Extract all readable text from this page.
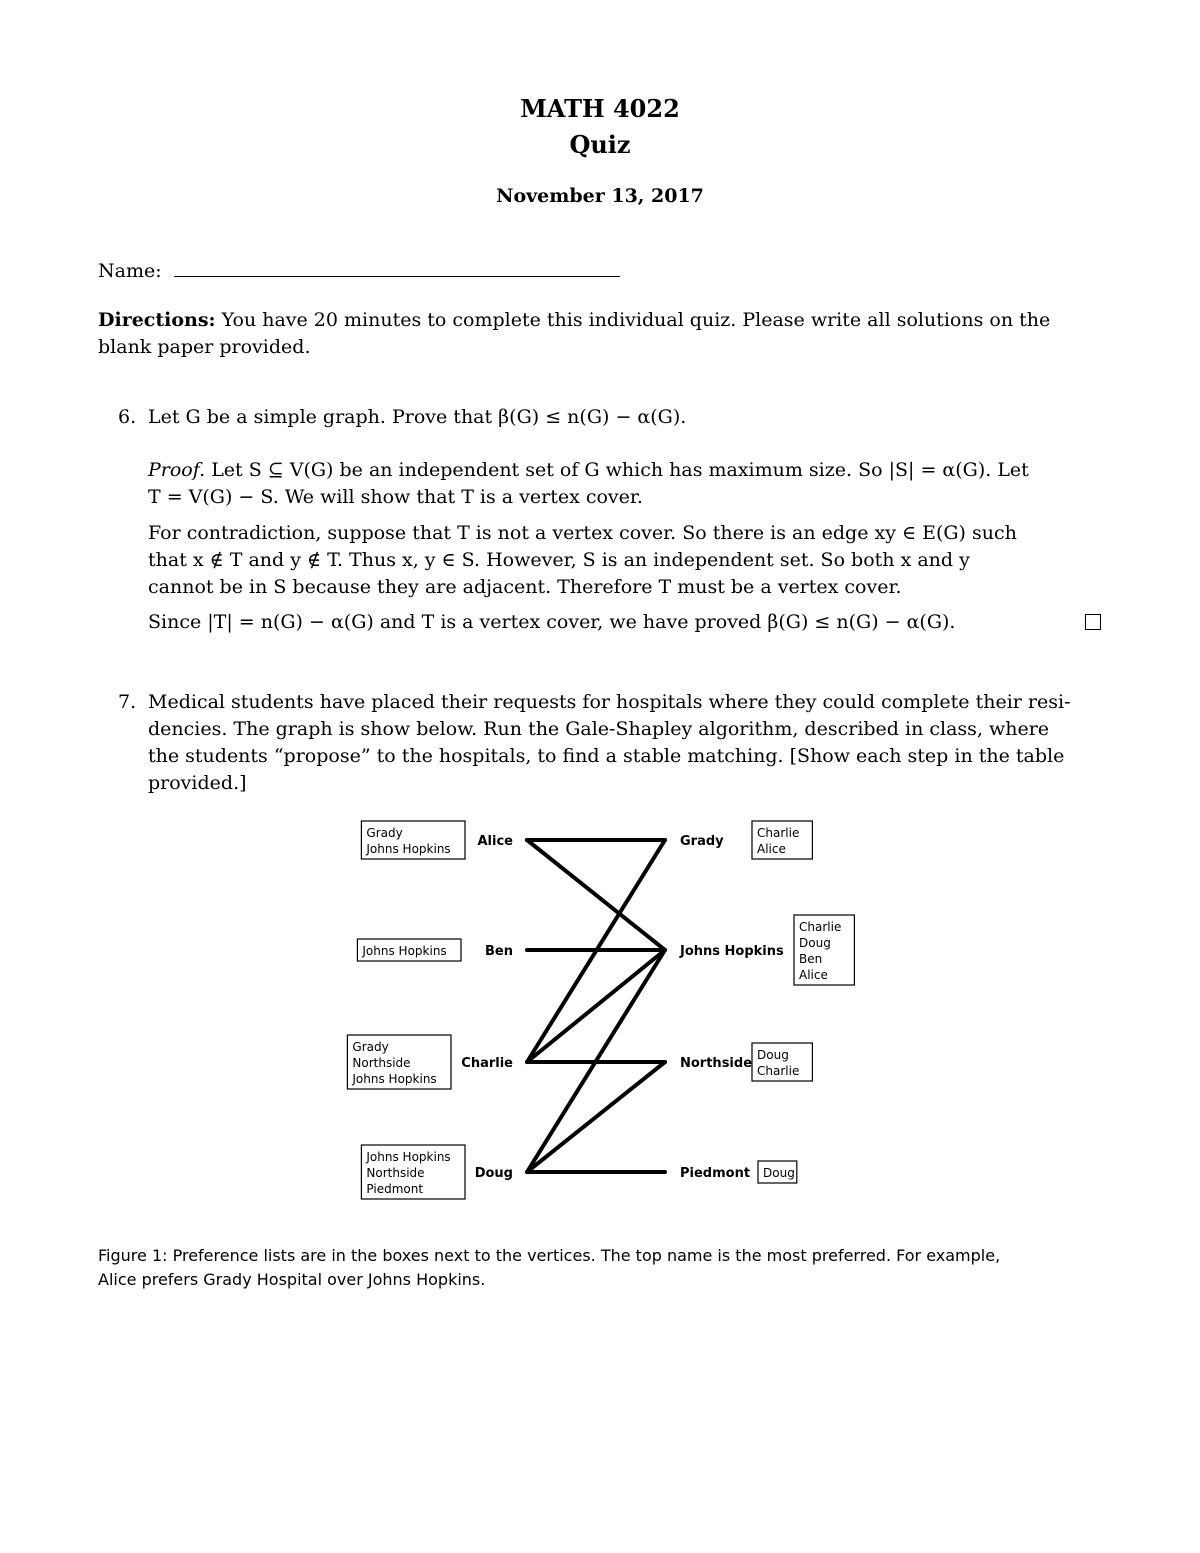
MATH 4022
Quiz
November 13, 2017
Name:
Directions: You have 20 minutes to complete this individual quiz. Please write all solutions on the
blank paper provided.
6. Let G be a simple graph. Prove that β(G) ≤ n(G) − α(G).
Proof. Let S ⊆ V(G) be an independent set of G which has maximum size. So |S| = α(G). Let
T = V(G) − S. We will show that T is a vertex cover.
For contradiction, suppose that T is not a vertex cover. So there is an edge xy ∈ E(G) such
that x ∉ T and y ∉ T. Thus x, y ∈ S. However, S is an independent set. So both x and y
cannot be in S because they are adjacent. Therefore T must be a vertex cover.
Since |T| = n(G) − α(G) and T is a vertex cover, we have proved β(G) ≤ n(G) − α(G).
7. Medical students have placed their requests for hospitals where they could complete their resi-
dencies. The graph is show below. Run the Gale-Shapley algorithm, described in class, where
the students “propose” to the hospitals, to find a stable matching. [Show each step in the table
provided.]
Alice
Grady
Johns Hopkins
Ben
Johns Hopkins
Charlie
Grady
Northside
Johns Hopkins
Doug
Johns Hopkins
Northside
Piedmont
Grady
Charlie
Alice
Johns Hopkins
Charlie
Doug
Ben
Alice
Northside
Doug
Charlie
Piedmont Doug
Figure 1: Preference lists are in the boxes next to the vertices. The top name is the most preferred. For example,
Alice prefers Grady Hospital over Johns Hopkins.
